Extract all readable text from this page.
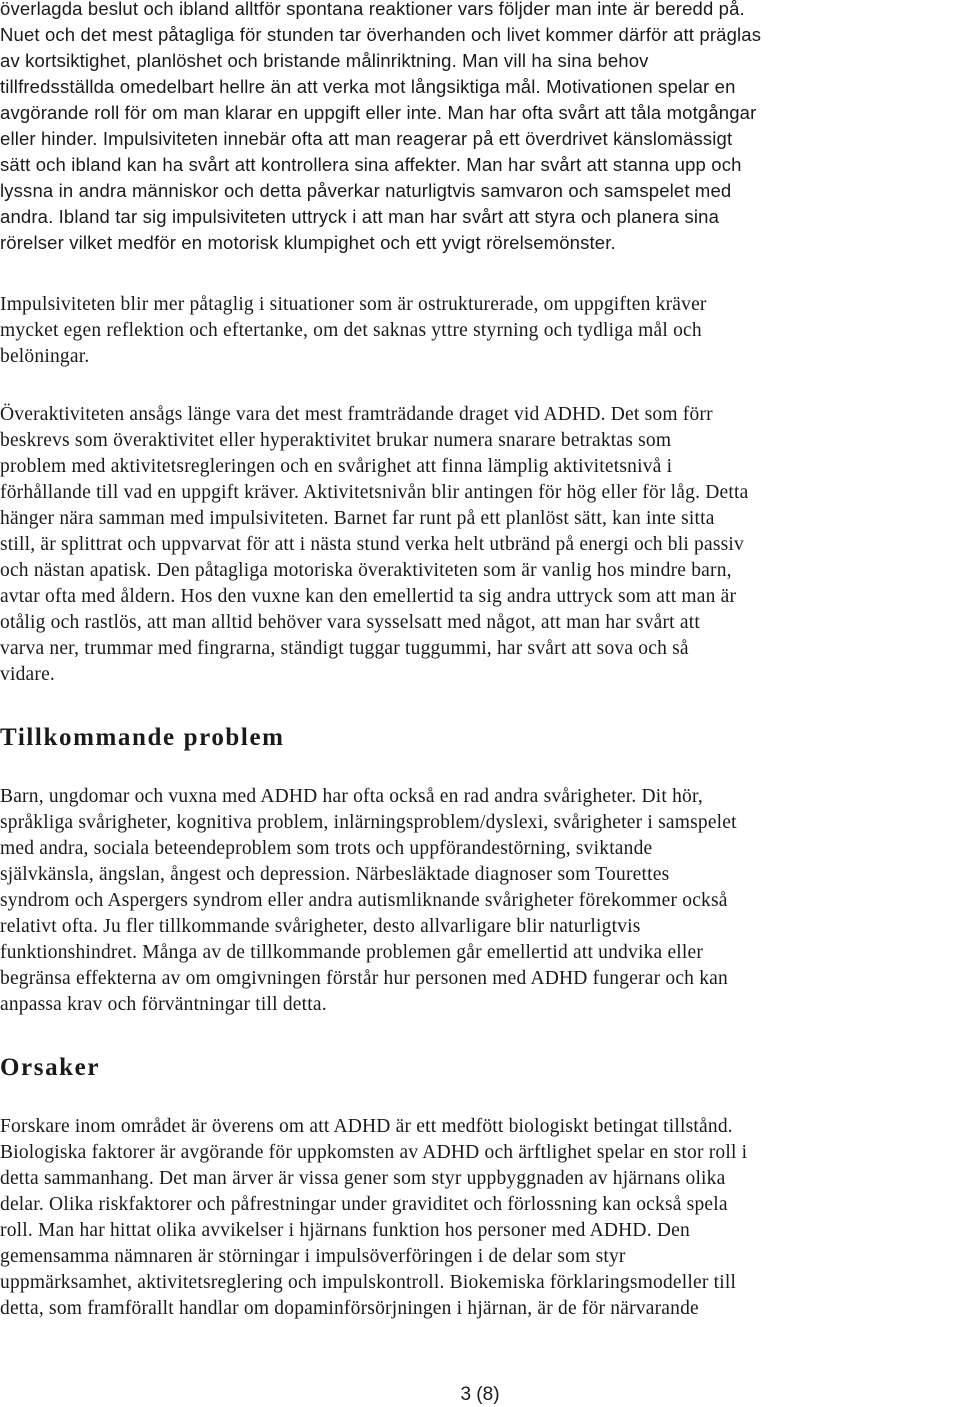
överlagda beslut och ibland alltför spontana reaktioner vars följder man inte är beredd på.

Nuet och det mest påtagliga för stunden tar överhanden och livet kommer därför att präglas

av kortsiktighet, planlöshet och bristande målinriktning. Man vill ha sina behov

tillfredsställda omedelbart hellre än att verka mot långsiktiga mål. Motivationen spelar en

avgörande roll för om man klarar en uppgift eller inte. Man har ofta svårt att tåla motgångar

eller hinder. Impulsiviteten innebär ofta att man reagerar på ett överdrivet känslomässigt

sätt och ibland kan ha svårt att kontrollera sina affekter. Man har svårt att stanna upp och

lyssna in andra människor och detta påverkar naturligtvis samvaron och samspelet med

andra. Ibland tar sig impulsiviteten uttryck i att man har svårt att styra och planera sina

rörelser vilket medför en motorisk klumpighet och ett yvigt rörelsemönster.

Impulsiviteten blir mer påtaglig i situationer som är ostrukturerade, om uppgiften kräver

mycket egen reflektion och eftertanke, om det saknas yttre styrning och tydliga mål och

belöningar.

Överaktiviteten ansågs länge vara det mest framträdande draget vid ADHD. Det som förr

beskrevs som överaktivitet eller hyperaktivitet brukar numera snarare betraktas som

problem med aktivitetsregleringen och en svårighet att finna lämplig aktivitetsnivå i

förhållande till vad en uppgift kräver. Aktivitetsnivån blir antingen för hög eller för låg. Detta

hänger nära samman med impulsiviteten. Barnet far runt på ett planlöst sätt, kan inte sitta

still, är splittrat och uppvarvat för att i nästa stund verka helt utbränd på energi och bli passiv

och nästan apatisk. Den påtagliga motoriska överaktiviteten som är vanlig hos mindre barn,

avtar ofta med åldern. Hos den vuxne kan den emellertid ta sig andra uttryck som att man är

otålig och rastlös, att man alltid behöver vara sysselsatt med något, att man har svårt att

varva ner, trummar med fingrarna, ständigt tuggar tuggummi, har svårt att sova och så

vidare.

Tillkommande problem

Barn, ungdomar och vuxna med ADHD har ofta också en rad andra svårigheter. Dit hör,

språkliga svårigheter, kognitiva problem, inlärningsproblem/dyslexi, svårigheter i samspelet

med andra, sociala beteendeproblem som trots och uppförandestörning, sviktande

självkänsla, ängslan, ångest och depression. Närbesläktade diagnoser som Tourettes

syndrom och Aspergers syndrom eller andra autismliknande svårigheter förekommer också

relativt ofta. Ju fler tillkommande svårigheter, desto allvarligare blir naturligtvis

funktionshindret. Många av de tillkommande problemen går emellertid att undvika eller

begränsa effekterna av om omgivningen förstår hur personen med ADHD fungerar och kan

anpassa krav och förväntningar till detta.

Orsaker

Forskare inom området är överens om att ADHD är ett medfött biologiskt betingat tillstånd.

Biologiska faktorer är avgörande för uppkomsten av ADHD och ärftlighet spelar en stor roll i

detta sammanhang. Det man ärver är vissa gener som styr uppbyggnaden av hjärnans olika

delar. Olika riskfaktorer och påfrestningar under graviditet och förlossning kan också spela

roll. Man har hittat olika avvikelser i hjärnans funktion hos personer med ADHD. Den

gemensamma nämnaren är störningar i impulsöverföringen i de delar som styr

uppmärksamhet, aktivitetsreglering och impulskontroll. Biokemiska förklaringsmodeller till

detta, som framförallt handlar om dopaminförsörjningen i hjärnan, är de för närvarande

3 (8)
